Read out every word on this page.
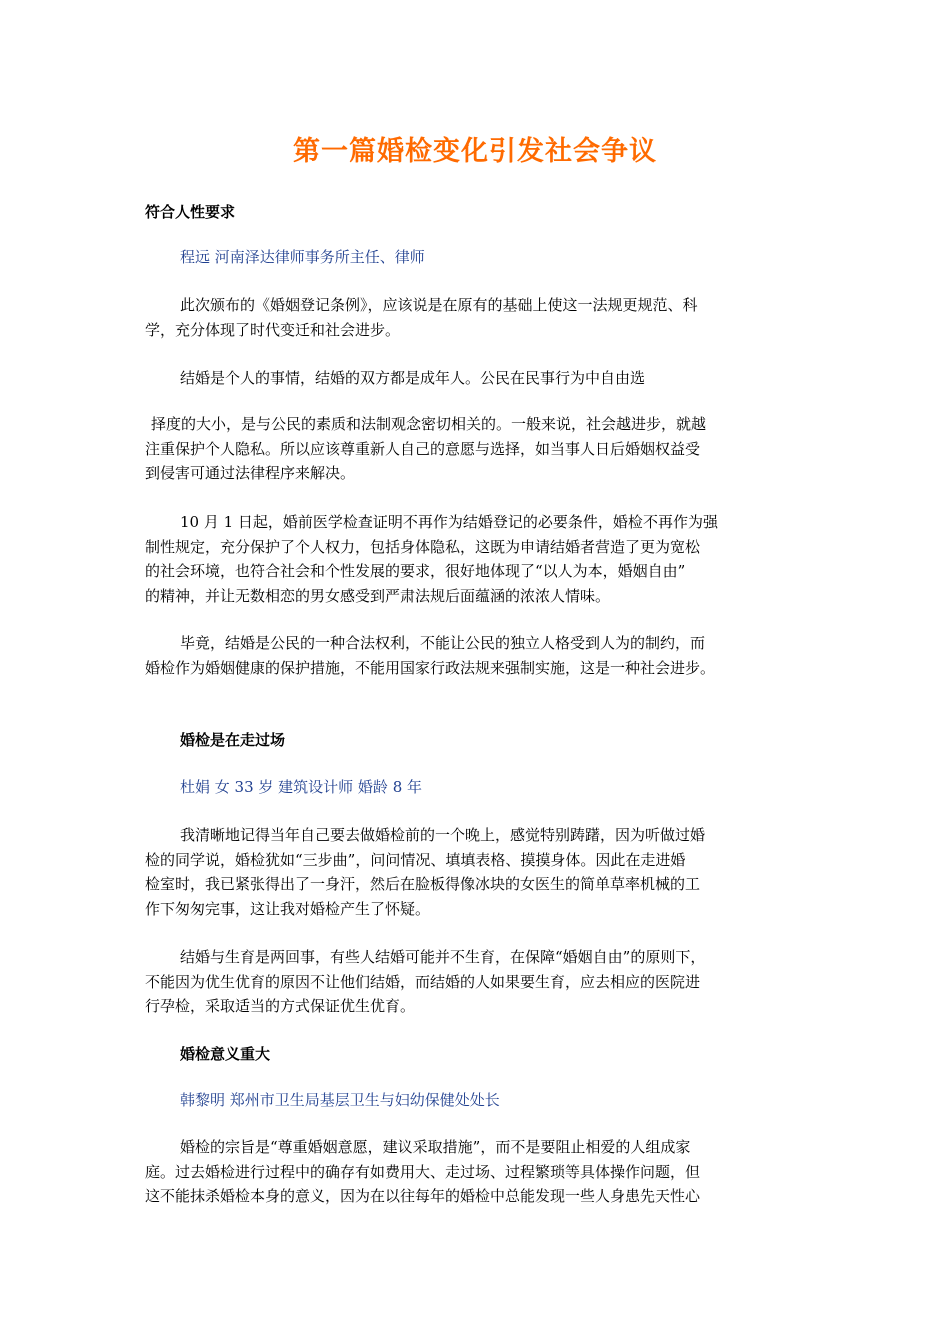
第一篇婚检变化引发社会争议
符合人性要求

程远 河南泽达律师事务所主任、律师

此次颁布的《婚姻登记条例》，应该说是在原有的基础上使这一法规更规范、科
学，充分体现了时代变迁和社会进步。

结婚是个人的事情，结婚的双方都是成年人。公民在民事行为中自由选

择度的大小，是与公民的素质和法制观念密切相关的。一般来说，社会越进步，就越
注重保护个人隐私。所以应该尊重新人自己的意愿与选择，如当事人日后婚姻权益受
到侵害可通过法律程序来解决。

10 月 1 日起，婚前医学检查证明不再作为结婚登记的必要条件，婚检不再作为强
制性规定，充分保护了个人权力，包括身体隐私，这既为申请结婚者营造了更为宽松
的社会环境，也符合社会和个性发展的要求，很好地体现了“以人为本，婚姻自由”
的精神，并让无数相恋的男女感受到严肃法规后面蕴涵的浓浓人情味。

毕竟，结婚是公民的一种合法权利，不能让公民的独立人格受到人为的制约，而
婚检作为婚姻健康的保护措施，不能用国家行政法规来强制实施，这是一种社会进步。

婚检是在走过场

杜娟 女 33 岁 建筑设计师 婚龄 8 年

我清晰地记得当年自己要去做婚检前的一个晚上，感觉特别踌躇，因为听做过婚
检的同学说，婚检犹如“三步曲”，问问情况、填填表格、摸摸身体。因此在走进婚
检室时，我已紧张得出了一身汗，然后在脸板得像冰块的女医生的简单草率机械的工
作下匆匆完事，这让我对婚检产生了怀疑。

结婚与生育是两回事，有些人结婚可能并不生育，在保障“婚姻自由”的原则下，
不能因为优生优育的原因不让他们结婚，而结婚的人如果要生育，应去相应的医院进
行孕检，采取适当的方式保证优生优育。

婚检意义重大

韩黎明 郑州市卫生局基层卫生与妇幼保健处处长

婚检的宗旨是“尊重婚姻意愿，建议采取措施”，而不是要阻止相爱的人组成家
庭。过去婚检进行过程中的确存有如费用大、走过场、过程繁琐等具体操作问题，但
这不能抹杀婚检本身的意义，因为在以往每年的婚检中总能发现一些人身患先天性心
